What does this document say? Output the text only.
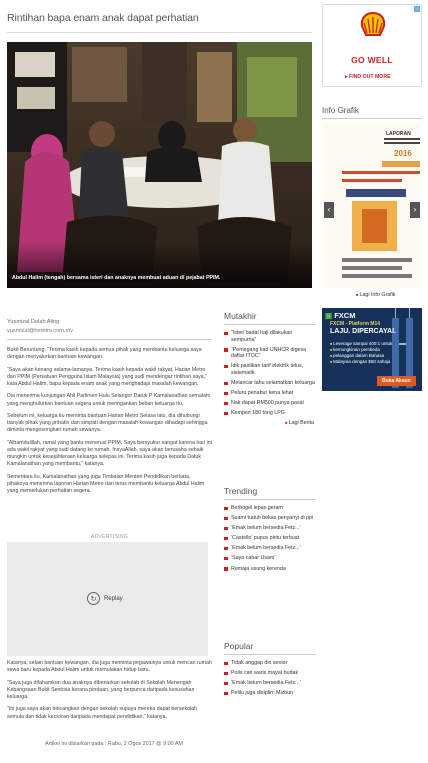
Rintihan bapa enam anak dapat perhatian
Abdul Halim (tengah) bersama isteri dan anaknya membuat aduan di pejabat PPIM.
Yusmizal Dolah Aling
yusmizal@hmetro.com.my

Bukit Beruntung: “Terima kasih kepada semua pihak yang membantu keluarga saya dengan menyalurkan bantuan kewangan.

“Saya akan kenang selama-lamanya. Terima kasih kepada wakil rakyat, Harian Metro dan PPIM (Persatuan Pengguna Islam Malaysia) yang sudi mendengar rintihan saya,” kata Abdul Halim, bapa kepada enam anak yang menghadapi masalah kewangan.

Dia menerima kunjungan Ahli Parlimen Hulu Selangor Datuk P Kamalanathan semalam yang menghulurkan bantuan segera untuk meringankan beban keluarga itu.

Sebelum ini, keluarga itu meminta bantuan Harian Metro Selasa lalu, dia dihubungi banyak pihak yang prihatin dan simpati dengan masalah kewangan dihadapi sehingga diminta mengosongkan rumah sewanya.

“Alhamdulillah, ramai yang bantu menerusi PPIM. Saya bersyukur sangat karena hari ini ada wakil rakyat yang sudi datang ke rumah. InsyaAllah, saya akan berusaha sebaik mungkin untuk kesejahteraan keluarga selepas ini. Terima kasih juga kepada Datuk Kamalanathan yang membantu,” katanya.

Sementara itu, Kamalanathan yang juga Timbalan Menteri Pendidikan berkata, pihaknya menerima laporan Harian Metro dan terus membantu keluarga Abdul Halim yang memerlukan perhatian segera.

ADVERTISING
↻	Replay

Katanya, selain bantuan kewangan, dia juga meminta pegawainya untuk mencari rumah sewa baru kepada Abdul Halim untuk memulakan hidup baru.

“Saya juga difahamkan dua anaknya dibenarkan sekolah di Sekolah Menengah Kebangsaan Bukit Sentosa kerana pindaan, yang berpunca daripada kesusahan keluarga.

“Ini juga saya akan bincangkan dengan sekolah supaya mereka dapat bersekolah semula dan tidak keciciran daripada mendapat pendidikan,” katanya.

Artikel ini disiarkan pada : Rabu, 2 Ogos 2017 @ 9:00 AM
Mutakhir
“Isteri badal haji dilakukan sempurna”
“Pemegang kad UNHCR digesa daftar ITOC”
Idik pastikan tarif elektrik telus, sistematik
Melancar tahu selamatkan keluarga
Peluru penabur kena lehar
Nak dapat RM500 punya pasal
Kempen 180 tong LPG
■ Lagi Berita
Trending
Berbogel lepas geram
Suami tuduh bekas penyanyi di ppi
‘Emak belum bersedia Fetz...’
‘Castello’ pupus pintu terbuat
‘Emak belum bersedia Fetz...’
‘Saya cabar Usam’
Remaja usung kerenda
Popular
Tidak anggap diri senior
Polis cari waris mayat budak
‘Emak belum bersedia Fetz...’
Pelilu juga disiplin: Mizbun
i
GO WELL
▸ FIND OUT MORE
Info Grafik
LAPORAN
2016
‹	›
■ Lagi Info Grafik
▣ FXCM
FXCM - Platform M14
LAJU. DIPERCAYAI.
■ Leverage sampai 400:1 untuk
■ kemungkinan pembeda
■ pelanggan dalam Bahasa
■ Malaysia dengan $50 sahaja
Buka Akaun
